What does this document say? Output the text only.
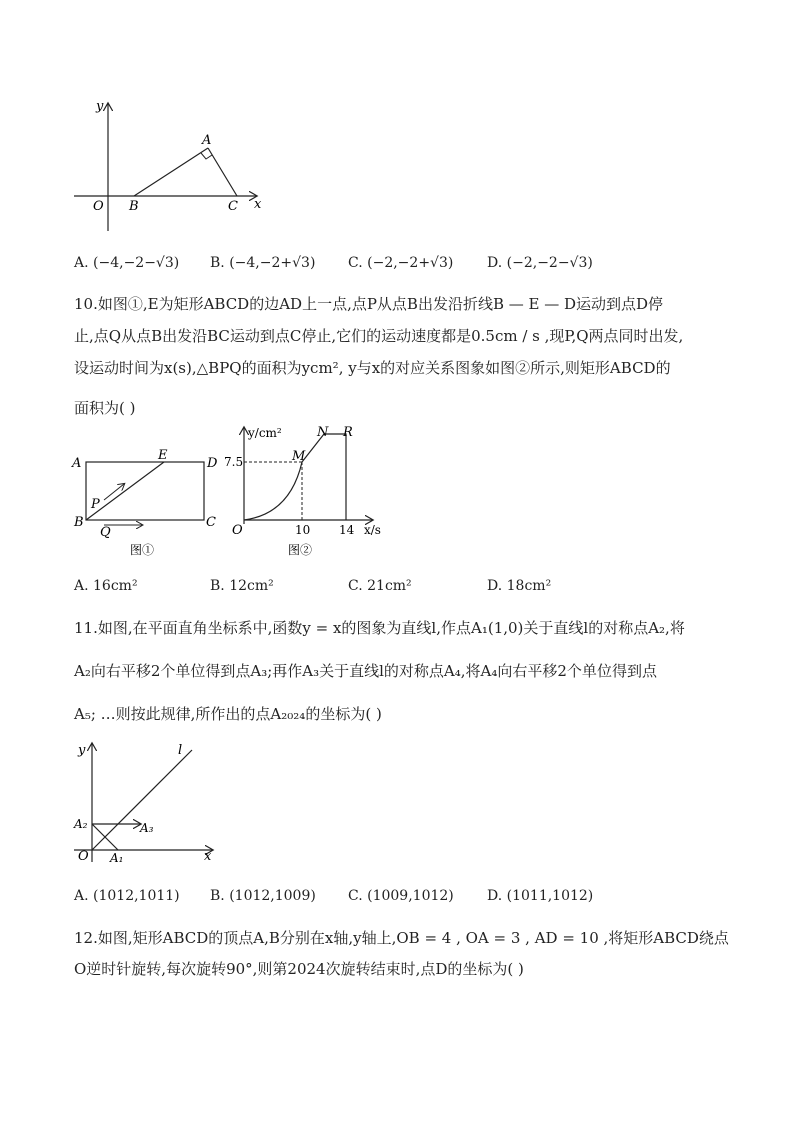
y
x
O
A
B	C
A. (−4,−2−√3) B. (−4,−2+√3) C. (−2,−2+√3) D. (−2,−2−√3)
10.如图①,E为矩形ABCD的边AD上一点,点P从点B出发沿折线B — E — D运动到点D停
止,点Q从点B出发沿BC运动到点C停止,它们的运动速度都是0.5cm / s ,现P,Q两点同时出发,
设运动时间为x(s),△BPQ的面积为ycm², y与x的对应关系图象如图②所示,则矩形ABCD的
面积为( )
A
E
D
P
B
Q
C
图①
y/cm²	N R
M
7.5
O	10 14 x/s
图②
A. 16cm²	B. 12cm²	C. 21cm²	D. 18cm²
11.如图,在平面直角坐标系中,函数y = x的图象为直线l,作点A₁(1,0)关于直线l的对称点A₂,将
A₂向右平移2个单位得到点A₃;再作A₃关于直线l的对称点A₄,将A₄向右平移2个单位得到点
A₅; …则按此规律,所作出的点A₂₀₂₄的坐标为( )
y	l
A₂	A₃
O A₁	x
A. (1012,1011) B. (1012,1009) C. (1009,1012) D. (1011,1012)
12.如图,矩形ABCD的顶点A,B分别在x轴,y轴上,OB = 4 , OA = 3 , AD = 10 ,将矩形ABCD绕点
O逆时针旋转,每次旋转90°,则第2024次旋转结束时,点D的坐标为( )
